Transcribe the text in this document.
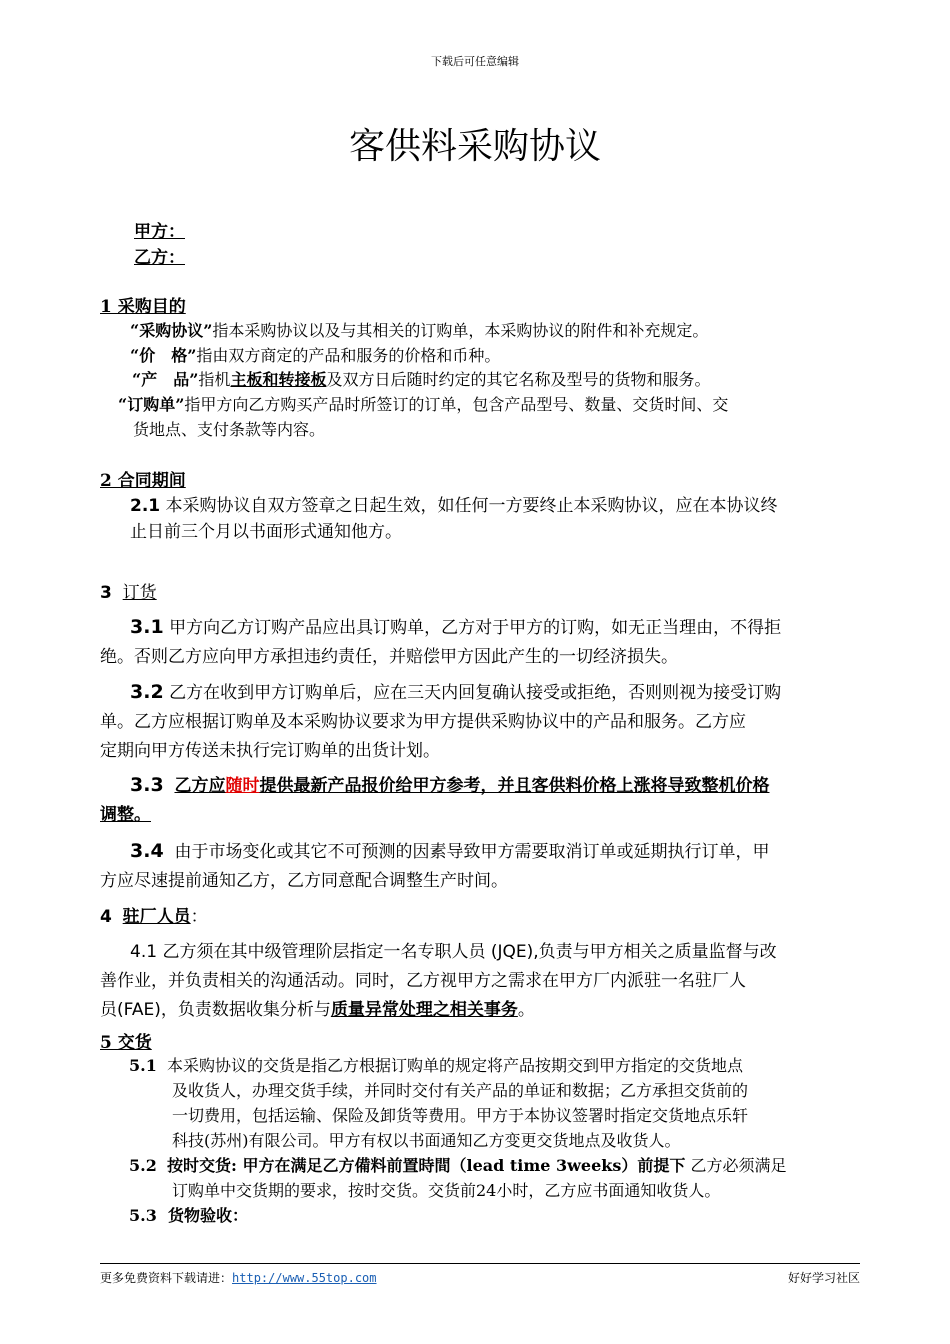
下载后可任意编辑
客供料采购协议
甲方：
乙方：
1 采购目的
“采购协议”指本采购协议以及与其相关的订购单，本采购协议的附件和补充规定。
“价　格”指由双方商定的产品和服务的价格和币种。
“产　品”指机主板和转接板及双方日后随时约定的其它名称及型号的货物和服务。
“订购单”指甲方向乙方购买产品时所签订的订单，包含产品型号、数量、交货时间、交
货地点、支付条款等内容。
2 合同期间
2.1 本采购协议自双方签章之日起生效，如任何一方要终止本采购协议，应在本协议终
止日前三个月以书面形式通知他方。
3 订货
3.1 甲方向乙方订购产品应出具订购单，乙方对于甲方的订购，如无正当理由，不得拒
绝。否则乙方应向甲方承担违约责任，并赔偿甲方因此产生的一切经济损失。
3.2 乙方在收到甲方订购单后，应在三天内回复确认接受或拒绝，否则则视为接受订购
单。乙方应根据订购单及本采购协议要求为甲方提供采购协议中的产品和服务。乙方应
定期向甲方传送未执行完订购单的出货计划。
3.3 乙方应随时提供最新产品报价给甲方参考，并且客供料价格上涨将导致整机价格
调整。
3.4 由于市场变化或其它不可预测的因素导致甲方需要取消订单或延期执行订单，甲
方应尽速提前通知乙方，乙方同意配合调整生产时间。
4 驻厂人员：
4.1 乙方须在其中级管理阶层指定一名专职人员 (JQE),负责与甲方相关之质量监督与改
善作业，并负责相关的沟通活动。同时，乙方视甲方之需求在甲方厂内派驻一名驻厂人
员(FAE)，负责数据收集分析与质量异常处理之相关事务。
5 交货
5.1 本采购协议的交货是指乙方根据订购单的规定将产品按期交到甲方指定的交货地点
及收货人，办理交货手续，并同时交付有关产品的单证和数据；乙方承担交货前的
一切费用，包括运输、保险及卸货等费用。甲方于本协议签署时指定交货地点乐轩
科技(苏州)有限公司。甲方有权以书面通知乙方变更交货地点及收货人。
5.2 按时交货: 甲方在满足乙方備料前置時間（lead time 3weeks）前提下 乙方必须满足
订购单中交货期的要求，按时交货。交货前24小时，乙方应书面通知收货人。
5.3 货物验收：
更多免费资料下载请进：http://www.55top.com	好好学习社区
